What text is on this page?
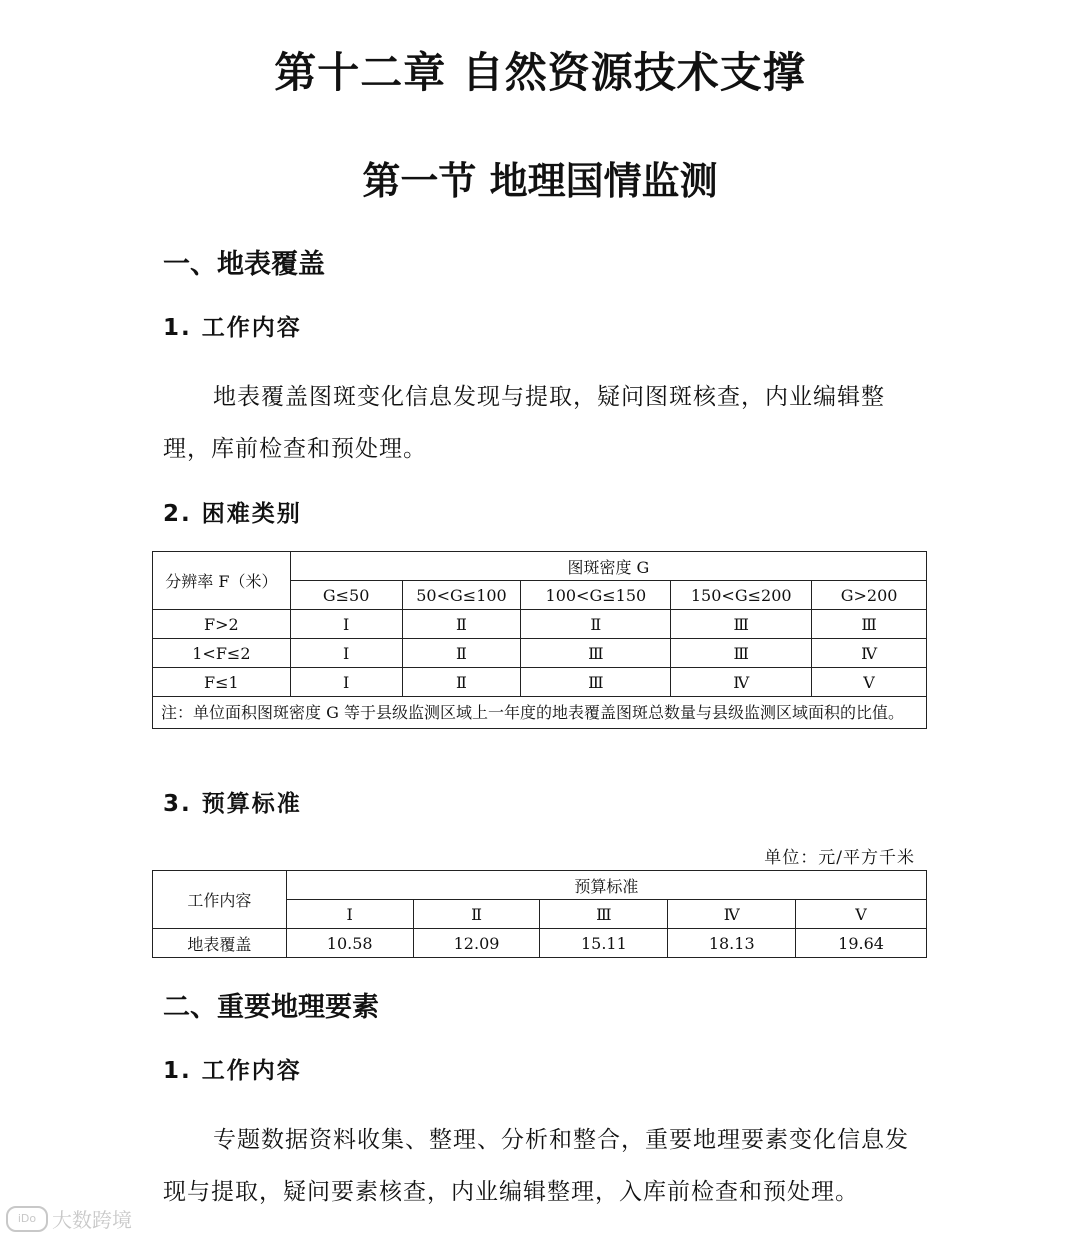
第十二章 自然资源技术支撑
第一节 地理国情监测
一、地表覆盖
1. 工作内容
地表覆盖图斑变化信息发现与提取，疑问图斑核查，内业编辑整理，库前检查和预处理。
2. 困难类别
分辨率 F（米）	图斑密度 G				
	G≤50	50<G≤100	100<G≤150	150<G≤200	G>200
F>2	Ⅰ	Ⅱ	Ⅱ	Ⅲ	Ⅲ
1<F≤2	Ⅰ	Ⅱ	Ⅲ	Ⅲ	Ⅳ
F≤1	Ⅰ	Ⅱ	Ⅲ	Ⅳ	Ⅴ
注：单位面积图斑密度 G 等于县级监测区域上一年度的地表覆盖图斑总数量与县级监测区域面积的比值。					
3. 预算标准
单位：元/平方千米
工作内容	预算标准				
	Ⅰ	Ⅱ	Ⅲ	Ⅳ	Ⅴ
地表覆盖	10.58	12.09	15.11	18.13	19.64
二、重要地理要素
1. 工作内容
专题数据资料收集、整理、分析和整合，重要地理要素变化信息发现与提取，疑问要素核查，内业编辑整理，入库前检查和预处理。
iDo 大数跨境
